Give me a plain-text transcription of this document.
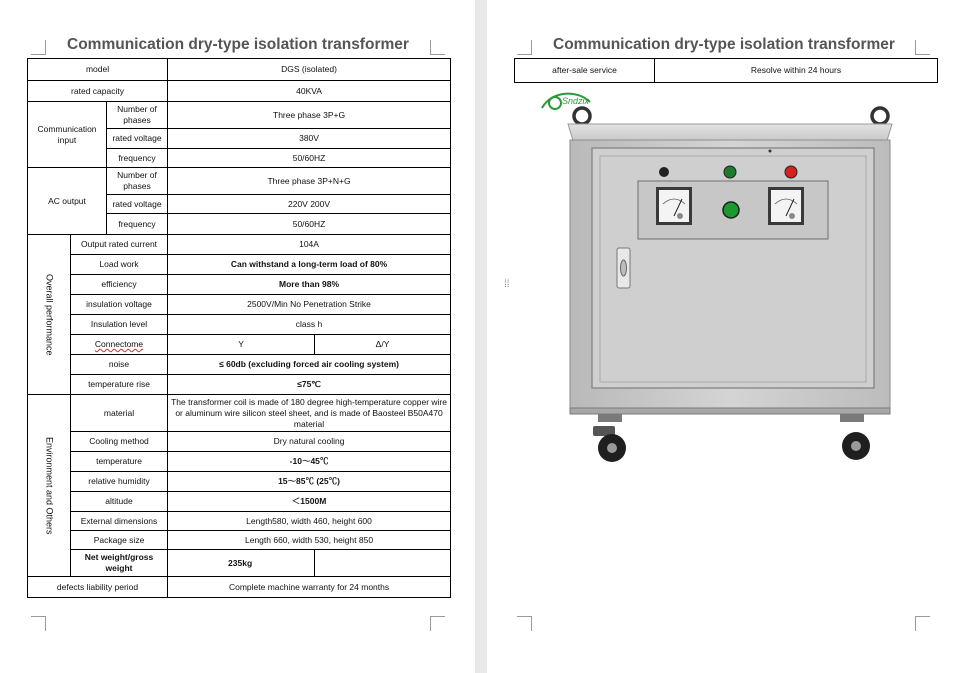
Communication dry-type isolation transformer
model			DGS (isolated)	
rated capacity			40KVA	
Communication input		Number of phases	Three phase 3P+G	
		rated voltage	380V	
		frequency	50/60HZ	
AC output		Number of phases	Three phase 3P+N+G	
		rated voltage	220V 200V	
		frequency	50/60HZ	

Overall performance	Output rated current		104A	
	Load work		Can withstand a long-term load of 80%	
	efficiency		More than 98%	
	insulation voltage		2500V/Min No Penetration Strike	
	Insulation level		class h	
	Connectome		Y	Δ/Y
	noise		≤ 60db (excluding forced air cooling system)	
	temperature rise		≤75℃	

Environment and Others	material		The transformer coil is made of 180 degree high-temperature copper wire or aluminum wire silicon steel sheet, and is made of Baosteel B50A470 material	
	Cooling method		Dry natural cooling	
	temperature		-10～45℃	
	relative humidity		15～85℃ (25℃)	
	altitude		＜1500M	
	External dimensions		Length580, width 460, height 600	
	Package size		Length 660, width 530, height 850	
	Net weight/gross weight		235kg	
defects liability period			Complete machine warranty for 24 months	
Communication dry-type isolation transformer
after-sale service	Resolve within 24 hours
⁞⁞
Sndzix
